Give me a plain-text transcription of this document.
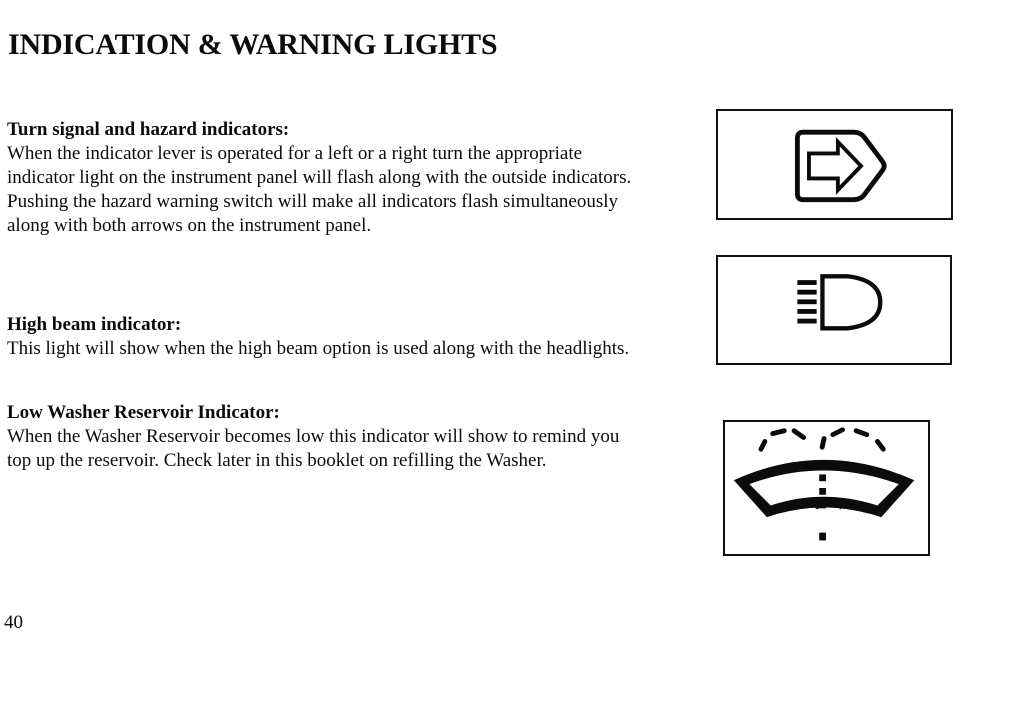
INDICATION & WARNING LIGHTS
Turn signal and hazard indicators:

When the indicator lever is operated for a left or a right turn the appropriate
indicator light on the instrument panel will flash along with the outside indicators.
Pushing the hazard warning switch will make all indicators flash simultaneously
along with both arrows on the instrument panel.

High beam indicator:

This light will show when the high beam option is used along with the headlights.

Low Washer Reservoir Indicator:

When the Washer Reservoir becomes low this indicator will show to remind you
top up the reservoir. Check later in this booklet on refilling the Washer.

40
